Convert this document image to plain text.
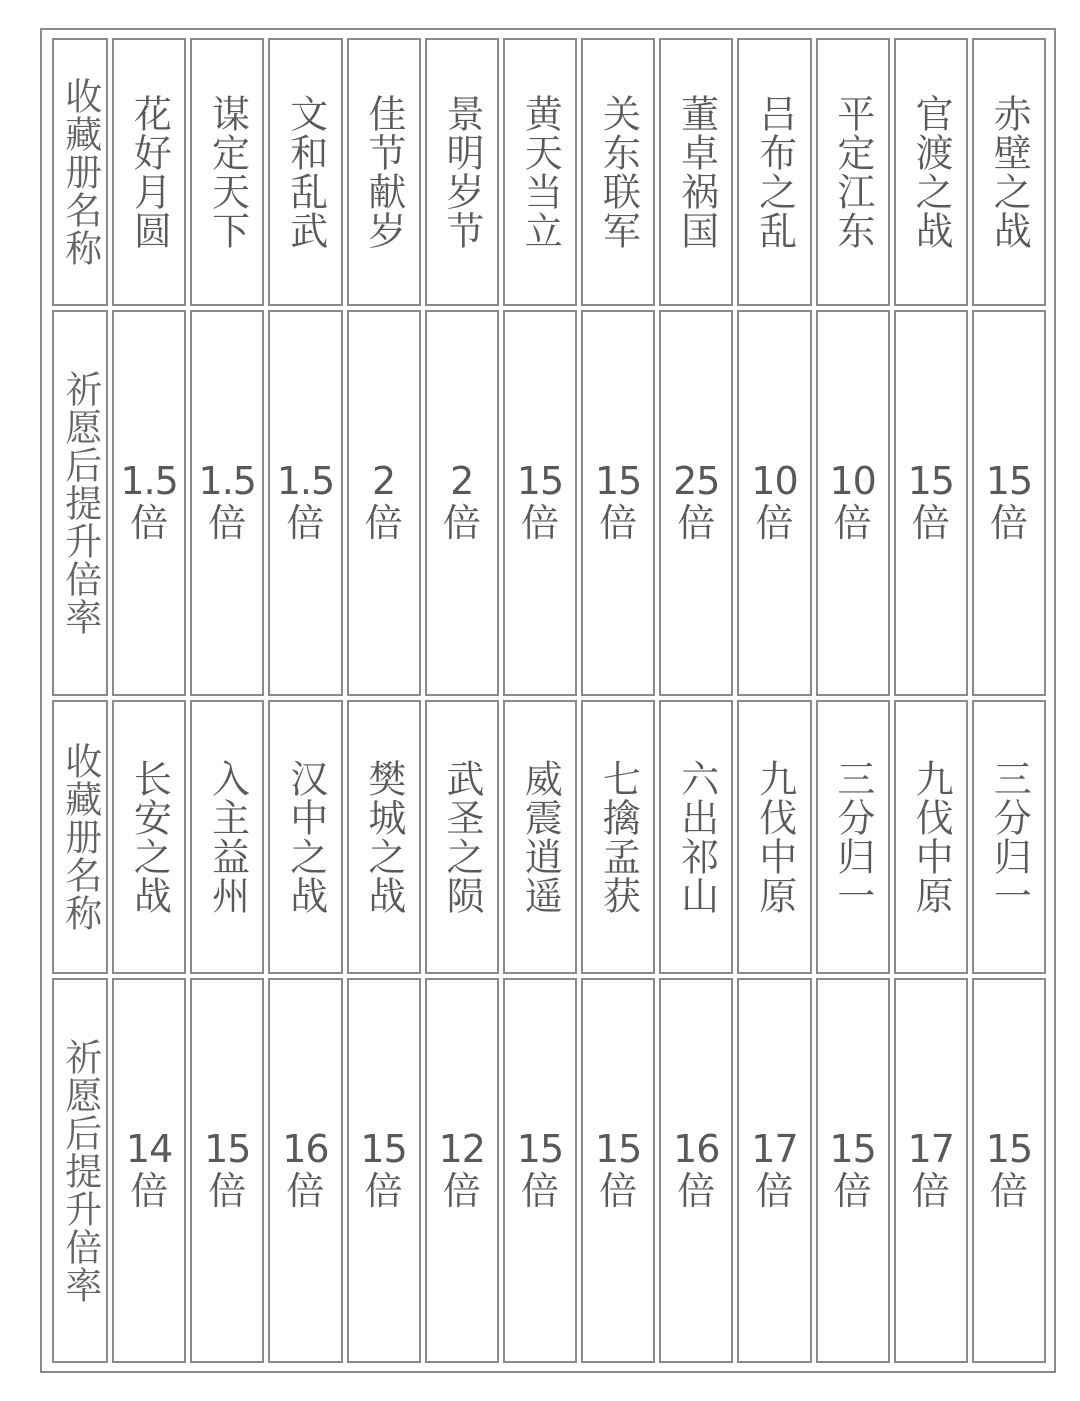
收藏册名称 花好月圆 谋定天下 文和乱武 佳节献岁 景明岁节 黄天当立 关东联军 董卓祸国 吕布之乱 平定江东 官渡之战 赤壁之战
祈愿后提升倍率 1.5
倍
1.5
倍
1.5
倍
2
倍
2
倍
15
倍
15
倍
25
倍
10
倍
10
倍
15
倍
15
倍
收藏册名称 长安之战 入主益州 汉中之战 樊城之战 武圣之陨 威震逍遥 七擒孟获 六出祁山 九伐中原 三分归一 九伐中原 三分归一
祈愿后提升倍率 14
倍
15
倍
16
倍
15
倍
12
倍
15
倍
15
倍
16
倍
17
倍
15
倍
17
倍
15
倍
